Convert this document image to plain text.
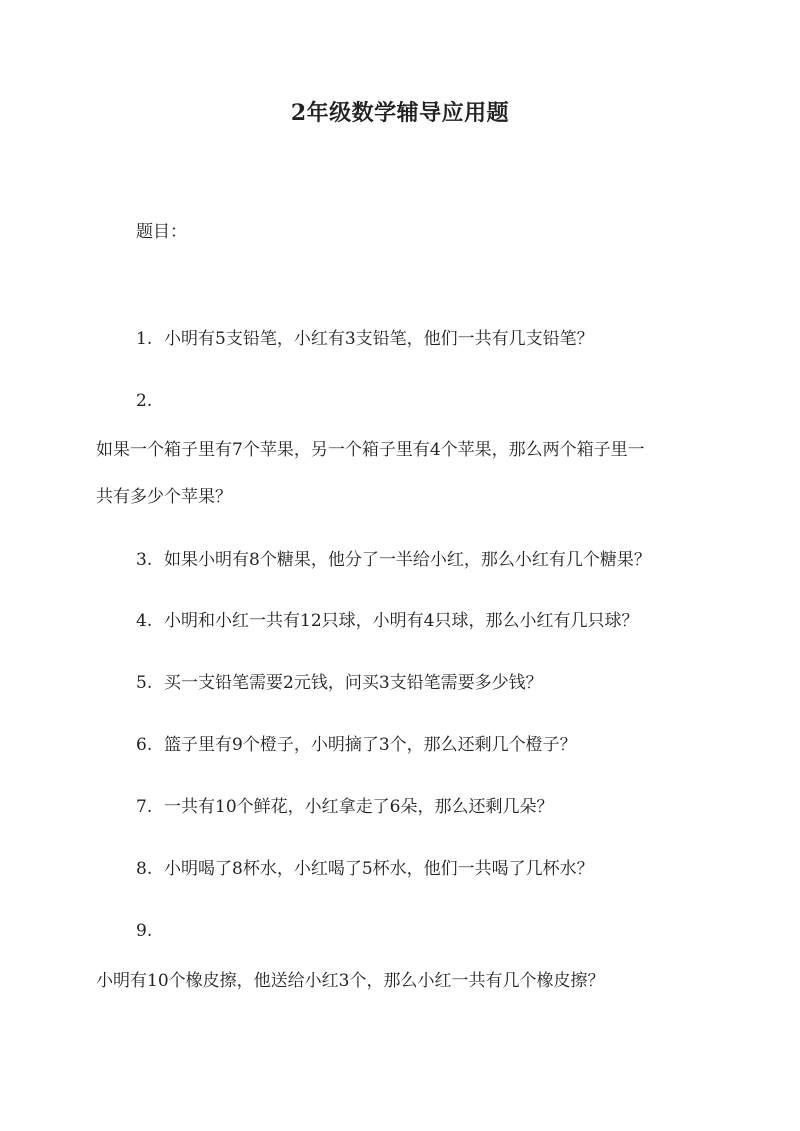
2年级数学辅导应用题
题目：
1. 小明有5支铅笔，小红有3支铅笔，他们一共有几支铅笔？
2.
如果一个箱子里有7个苹果，另一个箱子里有4个苹果，那么两个箱子里一
共有多少个苹果？
3. 如果小明有8个糖果，他分了一半给小红，那么小红有几个糖果？
4. 小明和小红一共有12只球，小明有4只球，那么小红有几只球？
5. 买一支铅笔需要2元钱，问买3支铅笔需要多少钱？
6. 篮子里有9个橙子，小明摘了3个，那么还剩几个橙子？
7. 一共有10个鲜花，小红拿走了6朵，那么还剩几朵？
8. 小明喝了8杯水，小红喝了5杯水，他们一共喝了几杯水？
9.
小明有10个橡皮擦，他送给小红3个，那么小红一共有几个橡皮擦？
